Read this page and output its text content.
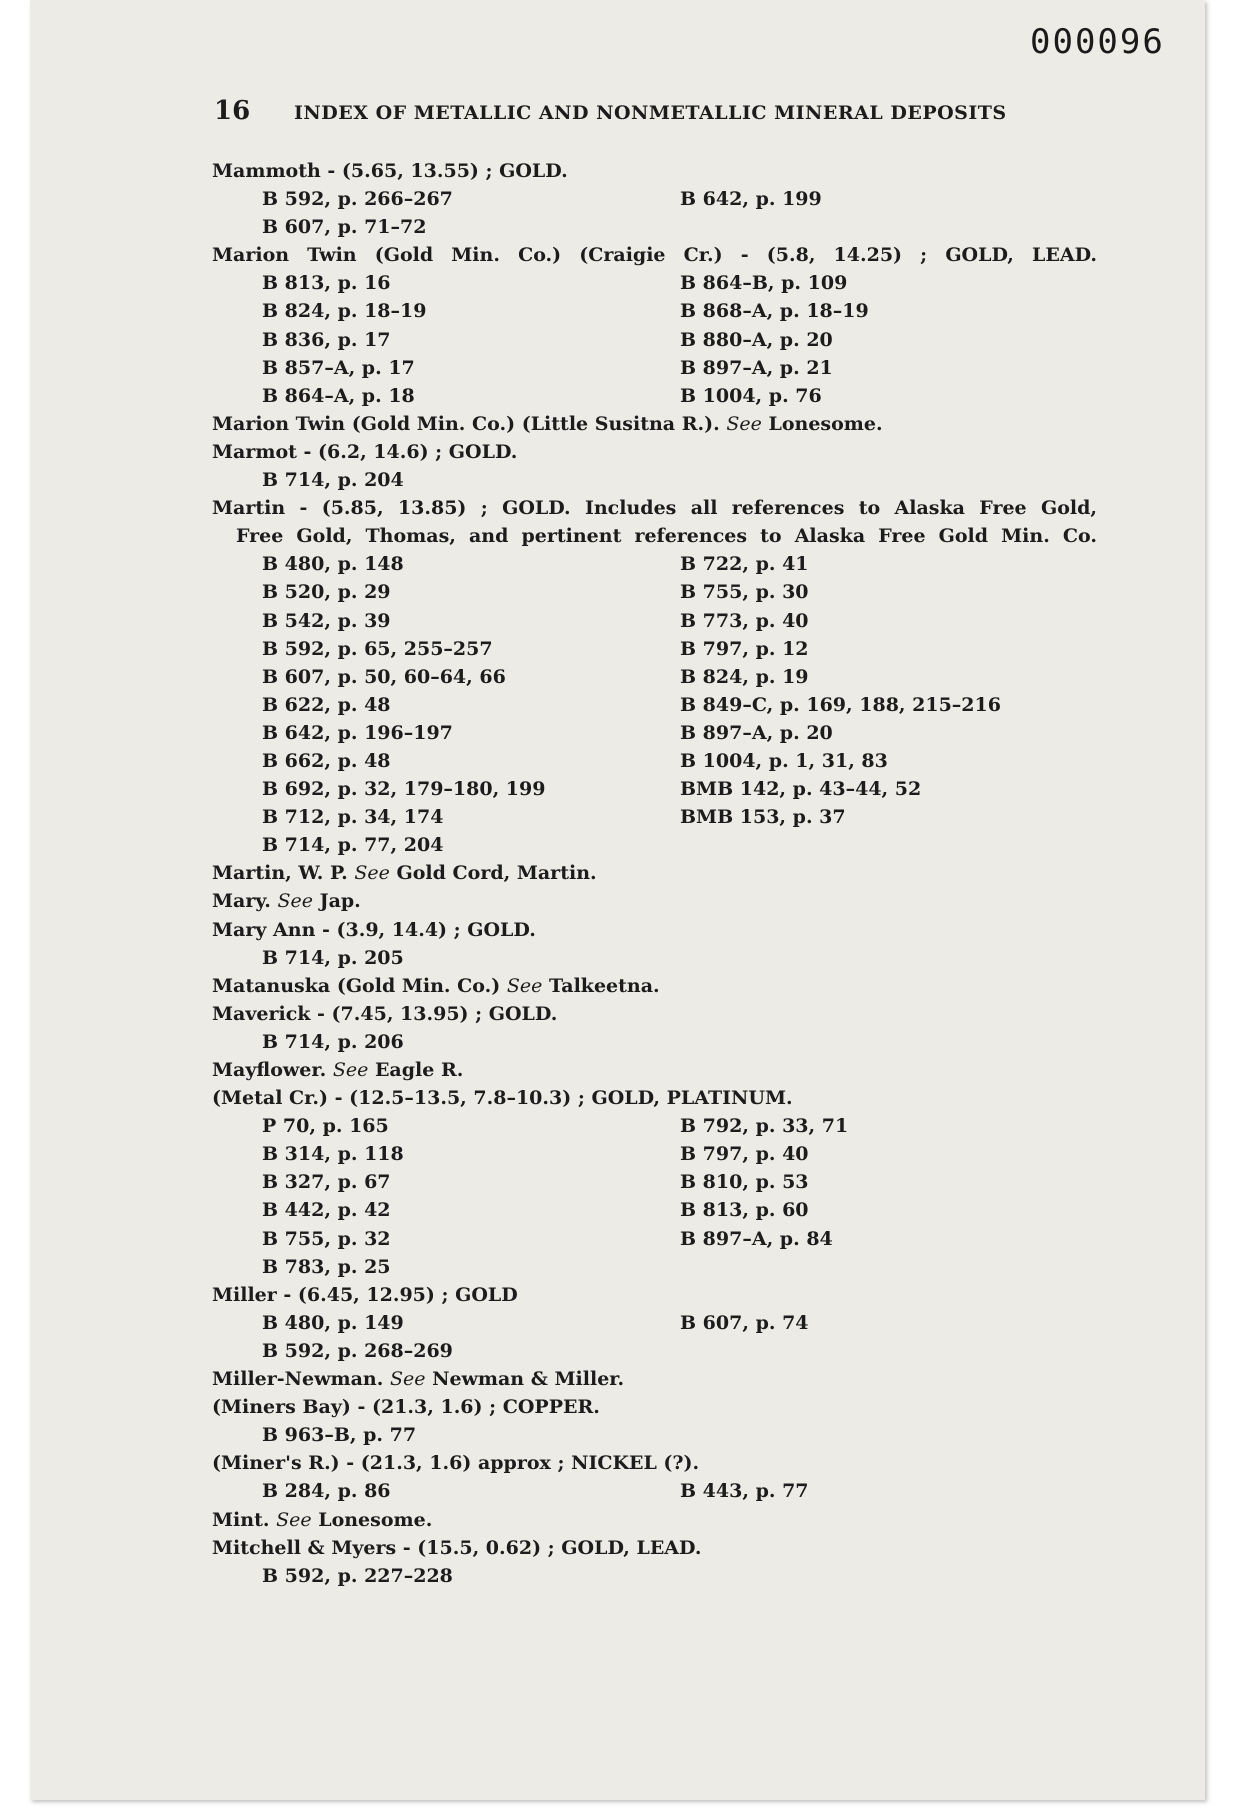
000096
16	INDEX OF METALLIC AND NONMETALLIC MINERAL DEPOSITS
Mammoth - (5.65, 13.55) ; GOLD.
B 592, p. 266–267	B 642, p. 199
B 607, p. 71–72
Marion Twin (Gold Min. Co.) (Craigie Cr.) - (5.8, 14.25) ; GOLD, LEAD.
B 813, p. 16	B 864–B, p. 109
B 824, p. 18–19	B 868–A, p. 18–19
B 836, p. 17	B 880–A, p. 20
B 857–A, p. 17	B 897–A, p. 21
B 864–A, p. 18	B 1004, p. 76
Marion Twin (Gold Min. Co.) (Little Susitna R.). See Lonesome.
Marmot - (6.2, 14.6) ; GOLD.
B 714, p. 204
Martin - (5.85, 13.85) ; GOLD. Includes all references to Alaska Free Gold,
Free Gold, Thomas, and pertinent references to Alaska Free Gold Min. Co.
B 480, p. 148	B 722, p. 41
B 520, p. 29	B 755, p. 30
B 542, p. 39	B 773, p. 40
B 592, p. 65, 255–257	B 797, p. 12
B 607, p. 50, 60–64, 66	B 824, p. 19
B 622, p. 48	B 849–C, p. 169, 188, 215–216
B 642, p. 196–197	B 897–A, p. 20
B 662, p. 48	B 1004, p. 1, 31, 83
B 692, p. 32, 179–180, 199	BMB 142, p. 43–44, 52
B 712, p. 34, 174	BMB 153, p. 37
B 714, p. 77, 204
Martin, W. P. See Gold Cord, Martin.
Mary. See Jap.
Mary Ann - (3.9, 14.4) ; GOLD.
B 714, p. 205
Matanuska (Gold Min. Co.) See Talkeetna.
Maverick - (7.45, 13.95) ; GOLD.
B 714, p. 206
Mayflower. See Eagle R.
(Metal Cr.) - (12.5–13.5, 7.8–10.3) ; GOLD, PLATINUM.
P 70, p. 165	B 792, p. 33, 71
B 314, p. 118	B 797, p. 40
B 327, p. 67	B 810, p. 53
B 442, p. 42	B 813, p. 60
B 755, p. 32	B 897–A, p. 84
B 783, p. 25
Miller - (6.45, 12.95) ; GOLD
B 480, p. 149	B 607, p. 74
B 592, p. 268–269
Miller-Newman. See Newman & Miller.
(Miners Bay) - (21.3, 1.6) ; COPPER.
B 963–B, p. 77
(Miner's R.) - (21.3, 1.6) approx ; NICKEL (?).
B 284, p. 86	B 443, p. 77
Mint. See Lonesome.
Mitchell & Myers - (15.5, 0.62) ; GOLD, LEAD.
B 592, p. 227–228
